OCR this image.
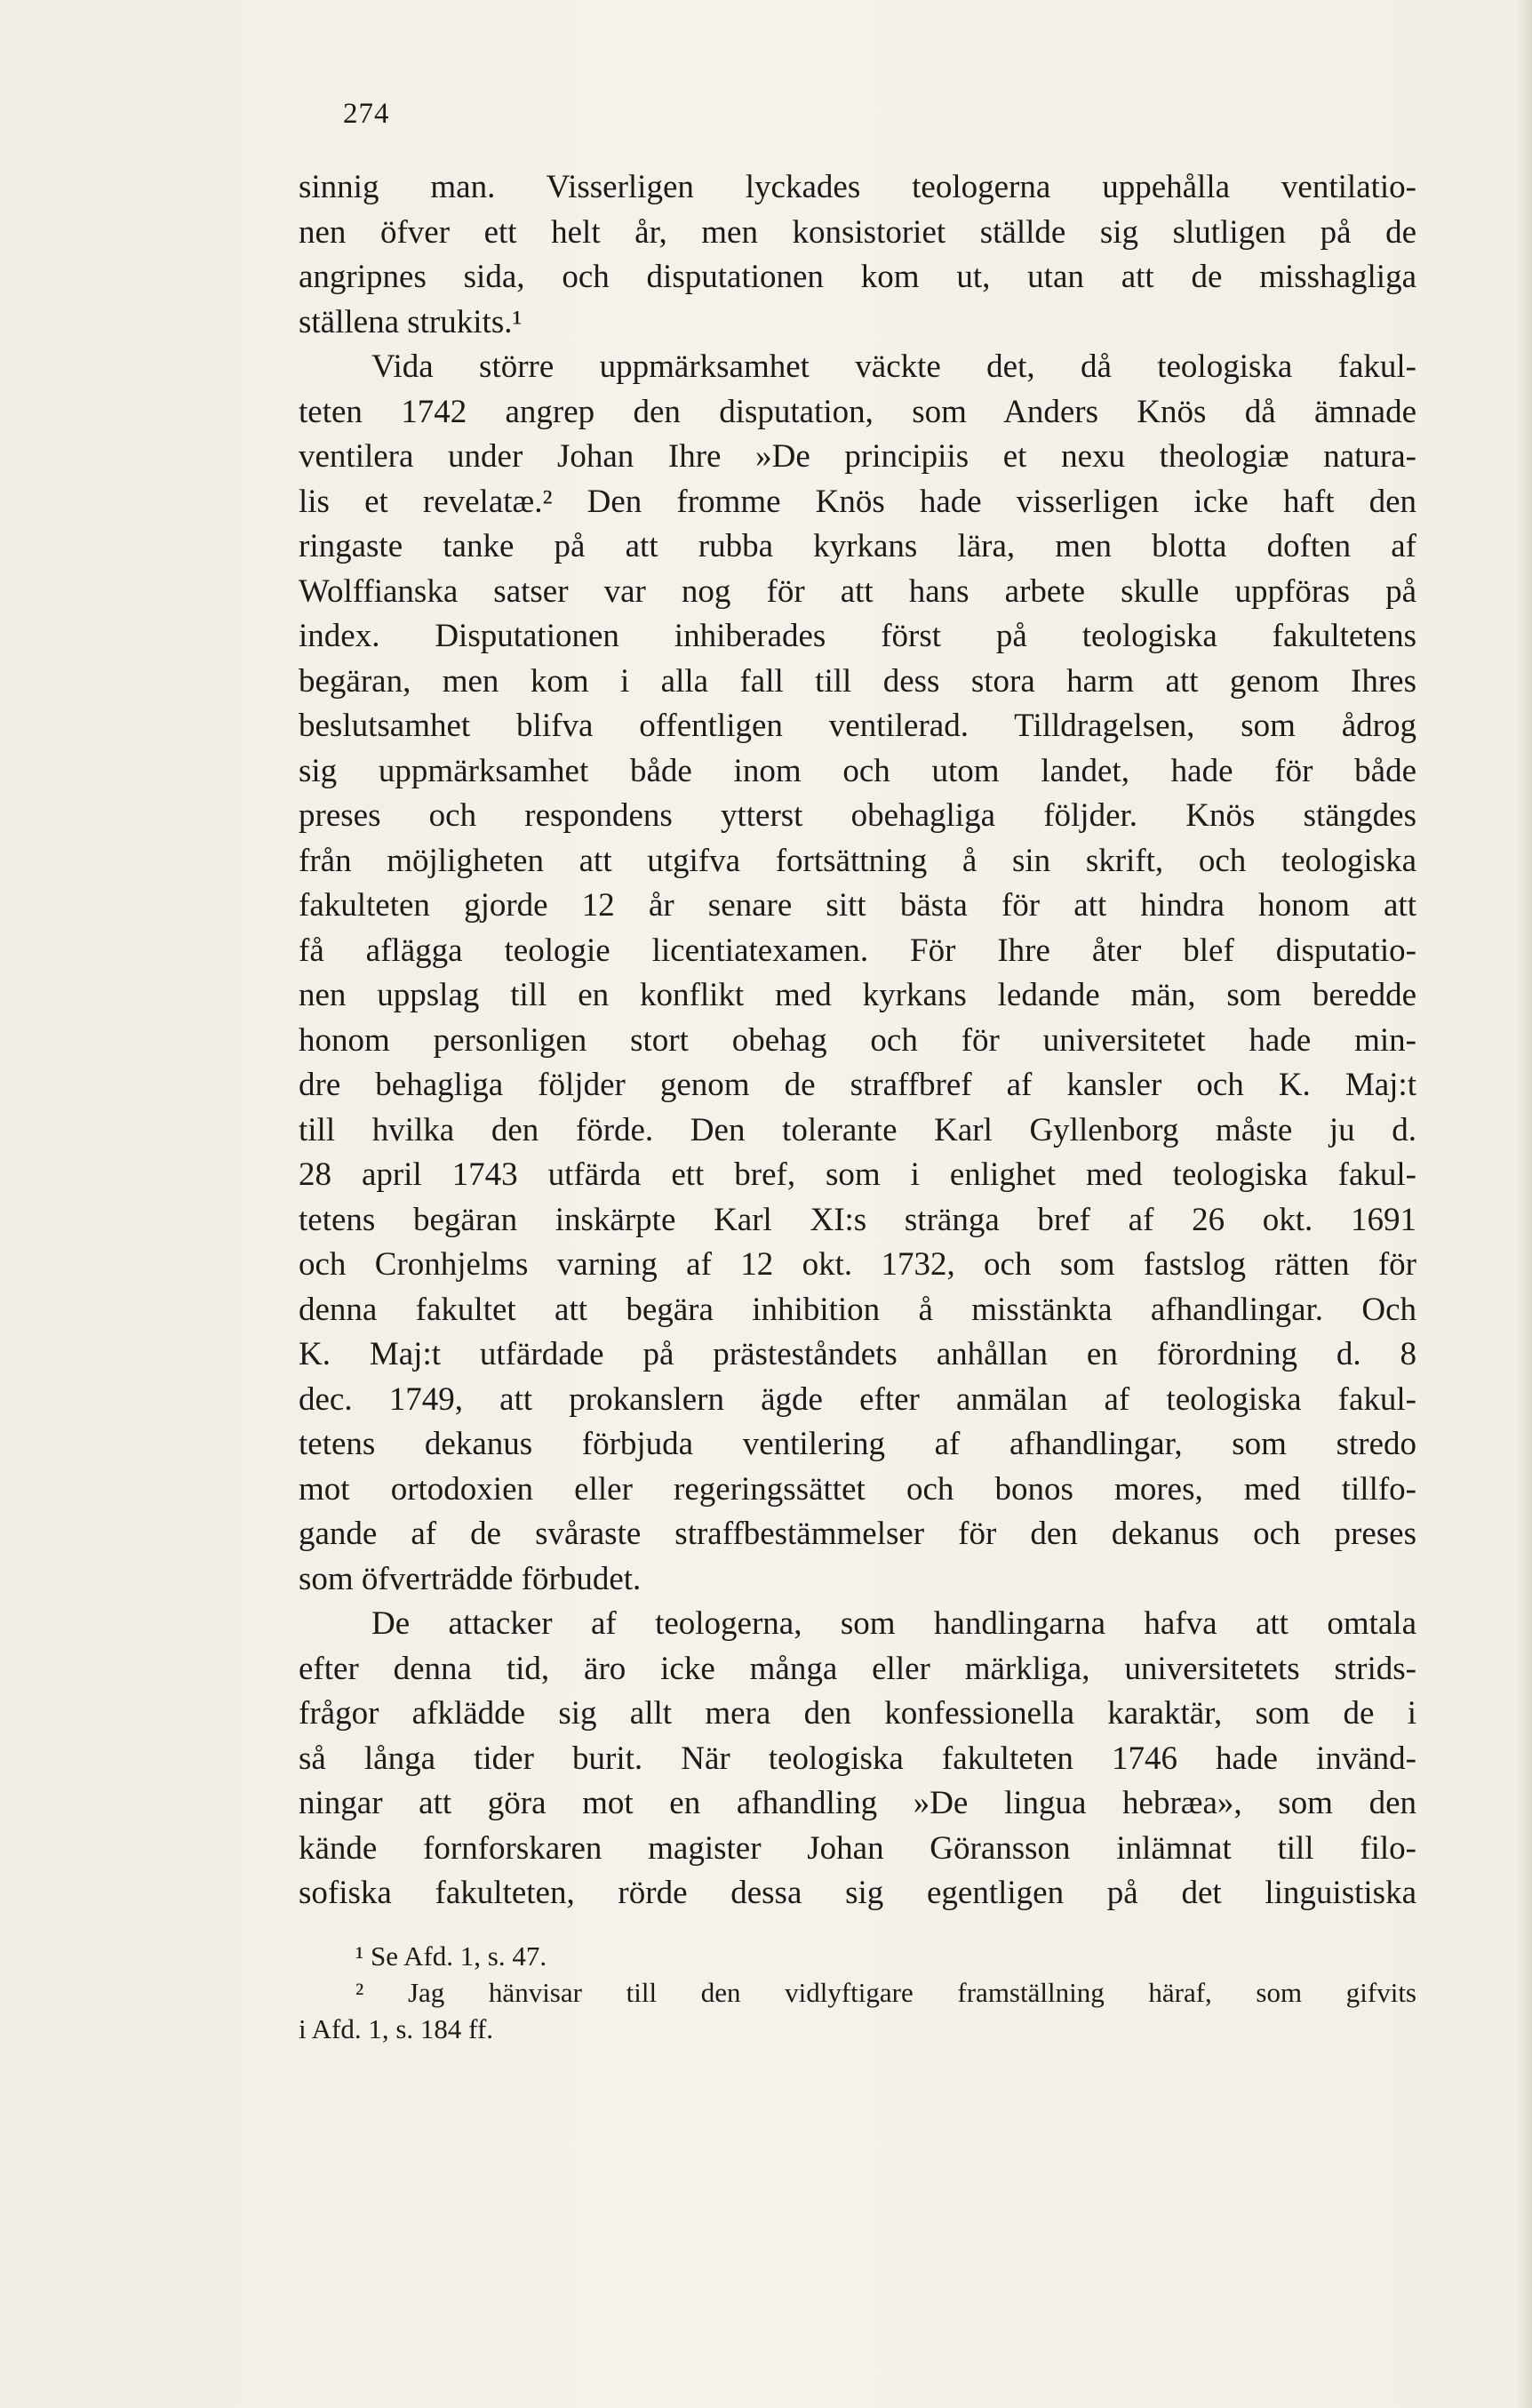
274
sinnig man. Visserligen lyckades teologerna uppehålla ventilatio-
nen öfver ett helt år, men konsistoriet ställde sig slutligen på de
angripnes sida, och disputationen kom ut, utan att de misshagliga
ställena strukits.¹
Vida större uppmärksamhet väckte det, då teologiska fakul-
teten 1742 angrep den disputation, som Anders Knös då ämnade
ventilera under Johan Ihre »De principiis et nexu theologiæ natura-
lis et revelatæ.² Den fromme Knös hade visserligen icke haft den
ringaste tanke på att rubba kyrkans lära, men blotta doften af
Wolffianska satser var nog för att hans arbete skulle uppföras på
index. Disputationen inhiberades först på teologiska fakultetens
begäran, men kom i alla fall till dess stora harm att genom Ihres
beslutsamhet blifva offentligen ventilerad. Tilldragelsen, som ådrog
sig uppmärksamhet både inom och utom landet, hade för både
preses och respondens ytterst obehagliga följder. Knös stängdes
från möjligheten att utgifva fortsättning å sin skrift, och teologiska
fakulteten gjorde 12 år senare sitt bästa för att hindra honom att
få aflägga teologie licentiatexamen. För Ihre åter blef disputatio-
nen uppslag till en konflikt med kyrkans ledande män, som beredde
honom personligen stort obehag och för universitetet hade min-
dre behagliga följder genom de straffbref af kansler och K. Maj:t
till hvilka den förde. Den tolerante Karl Gyllenborg måste ju d.
28 april 1743 utfärda ett bref, som i enlighet med teologiska fakul-
tetens begäran inskärpte Karl XI:s stränga bref af 26 okt. 1691
och Cronhjelms varning af 12 okt. 1732, och som fastslog rätten för
denna fakultet att begära inhibition å misstänkta afhandlingar. Och
K. Maj:t utfärdade på prästeståndets anhållan en förordning d. 8
dec. 1749, att prokanslern ägde efter anmälan af teologiska fakul-
tetens dekanus förbjuda ventilering af afhandlingar, som stredo
mot ortodoxien eller regeringssättet och bonos mores, med tillfo-
gande af de svåraste straffbestämmelser för den dekanus och preses
som öfverträdde förbudet.
De attacker af teologerna, som handlingarna hafva att omtala
efter denna tid, äro icke många eller märkliga, universitetets strids-
frågor afklädde sig allt mera den konfessionella karaktär, som de i
så långa tider burit. När teologiska fakulteten 1746 hade invänd-
ningar att göra mot en afhandling »De lingua hebræa», som den
kände fornforskaren magister Johan Göransson inlämnat till filo-
sofiska fakulteten, rörde dessa sig egentligen på det linguistiska
¹ Se Afd. 1, s. 47.
² Jag hänvisar till den vidlyftigare framställning häraf, som gifvits
i Afd. 1, s. 184 ff.
